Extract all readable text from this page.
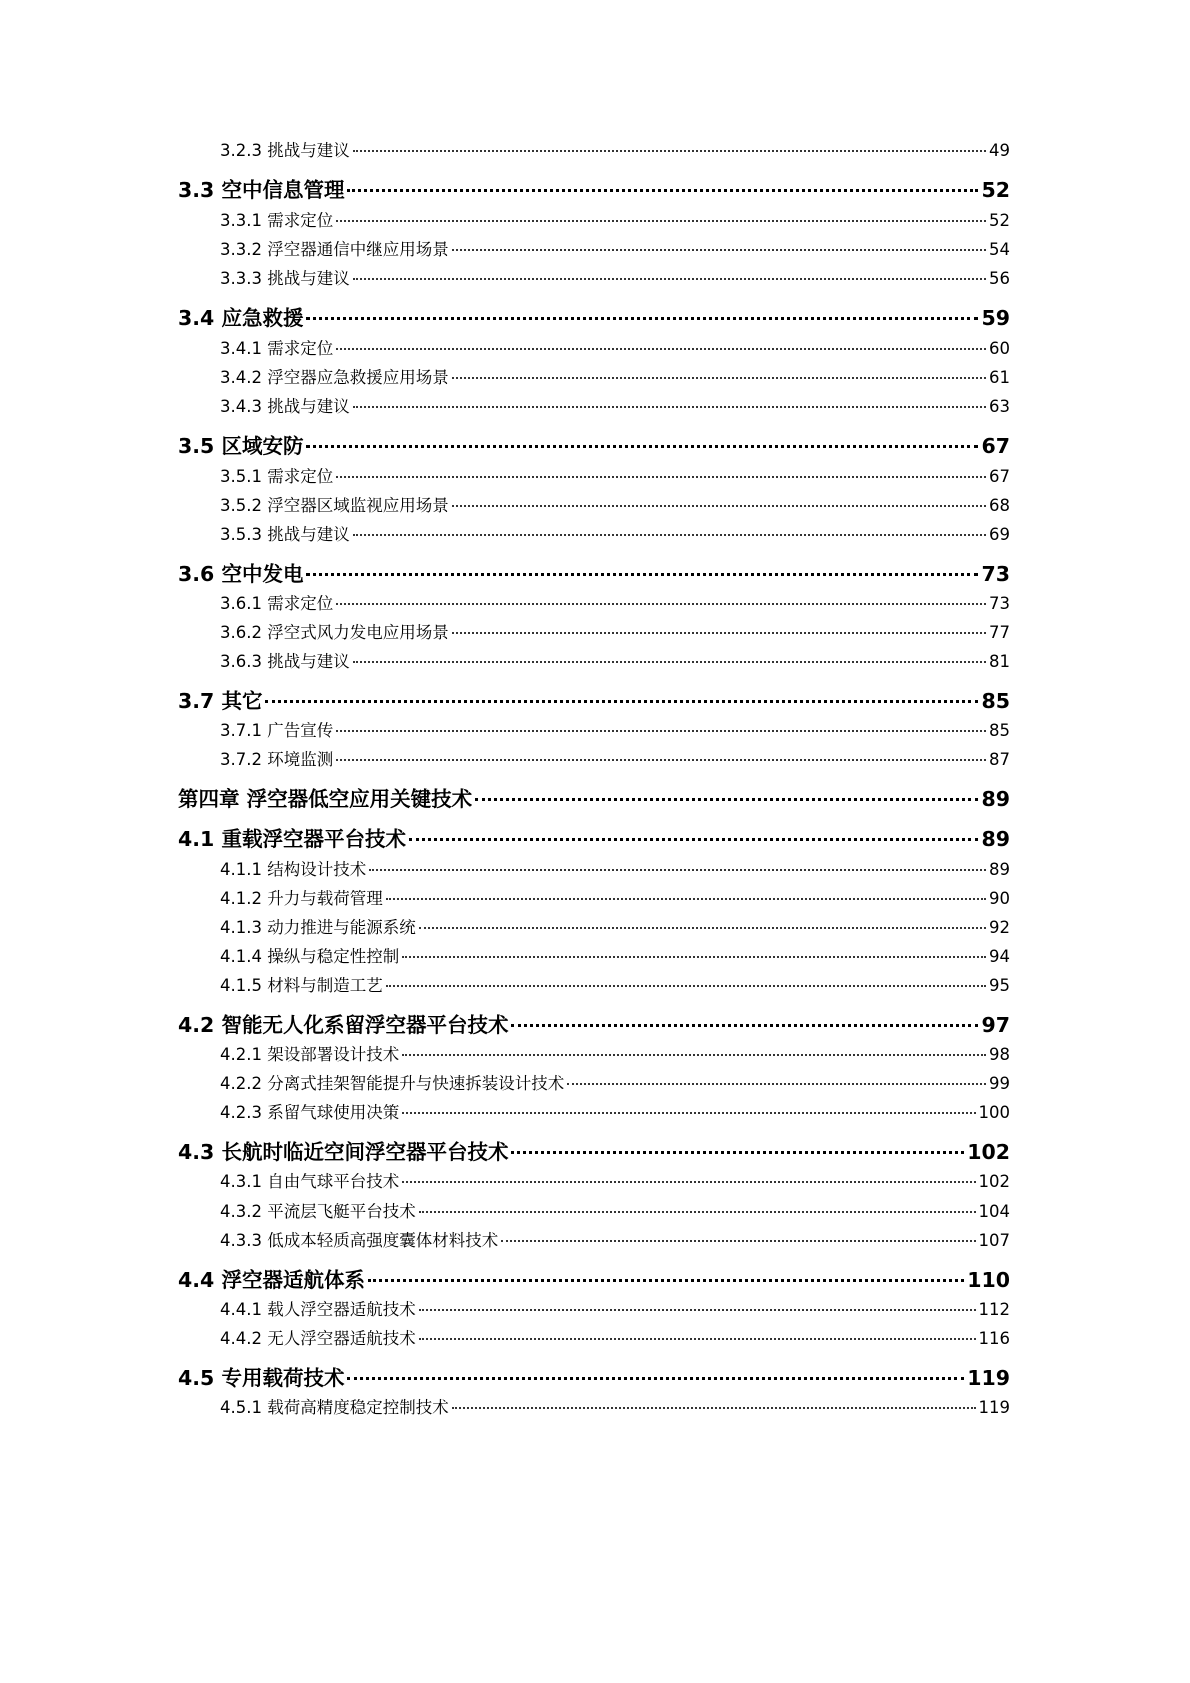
3.2.3 挑战与建议	49
3.3 空中信息管理	52
3.3.1 需求定位	52
3.3.2 浮空器通信中继应用场景	54
3.3.3 挑战与建议	56
3.4 应急救援	59
3.4.1 需求定位	60
3.4.2 浮空器应急救援应用场景	61
3.4.3 挑战与建议	63
3.5 区域安防	67
3.5.1 需求定位	67
3.5.2 浮空器区域监视应用场景	68
3.5.3 挑战与建议	69
3.6 空中发电	73
3.6.1 需求定位	73
3.6.2 浮空式风力发电应用场景	77
3.6.3 挑战与建议	81
3.7 其它	85
3.7.1 广告宣传	85
3.7.2 环境监测	87
第四章 浮空器低空应用关键技术	89
4.1 重载浮空器平台技术	89
4.1.1 结构设计技术	89
4.1.2 升力与载荷管理	90
4.1.3 动力推进与能源系统	92
4.1.4 操纵与稳定性控制	94
4.1.5 材料与制造工艺	95
4.2 智能无人化系留浮空器平台技术	97
4.2.1 架设部署设计技术	98
4.2.2 分离式挂架智能提升与快速拆装设计技术	99
4.2.3 系留气球使用决策	100
4.3 长航时临近空间浮空器平台技术	102
4.3.1 自由气球平台技术	102
4.3.2 平流层飞艇平台技术	104
4.3.3 低成本轻质高强度囊体材料技术	107
4.4 浮空器适航体系	110
4.4.1 载人浮空器适航技术	112
4.4.2 无人浮空器适航技术	116
4.5 专用载荷技术	119
4.5.1 载荷高精度稳定控制技术	119
